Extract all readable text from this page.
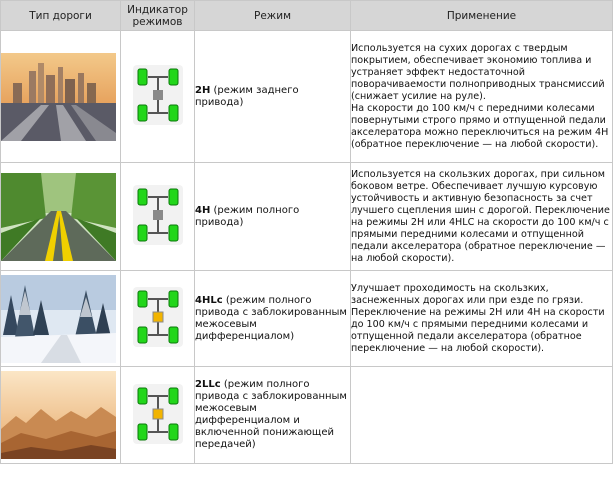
Тип дороги	Индикатор режимов	Режим	Применение

		2H (режим заднего привода)	Используется на сухих дорогах с твердым покрытием, обеспечивает экономию топлива и устраняет эффект недостаточной поворачиваемости полноприводных трансмиссий (снижает усилие на руле).

На скорости до 100 км/ч с передними колесами повернутыми строго прямо и отпущенной педали акселератора можно переключиться на режим 4H (обратное переключение — на любой скорости).

		4H (режим полного привода)	Используется на скользких дорогах, при сильном боковом ветре. Обеспечивает лучшую курсовую устойчивость и активную безопасность за счет лучшего сцепления шин с дорогой. Переключение на режимы 2H или 4HLC на скорости до 100 км/ч с прямыми передними колесами и отпущенной педали акселератора (обратное переключение — на любой скорости).

		4HLc (режим полного привода с заблокированным межосевым дифференциалом)	Улучшает проходимость на скользких, заснеженных дорогах или при езде по грязи. Переключение на режимы 2H или 4H на скорости до 100 км/ч с прямыми передними колесами и отпущенной педали акселератора (обратное переключение — на любой скорости).

		2LLc (режим полного привода с заблокированным межосевым дифференциалом и включенной понижающей передачей)	
